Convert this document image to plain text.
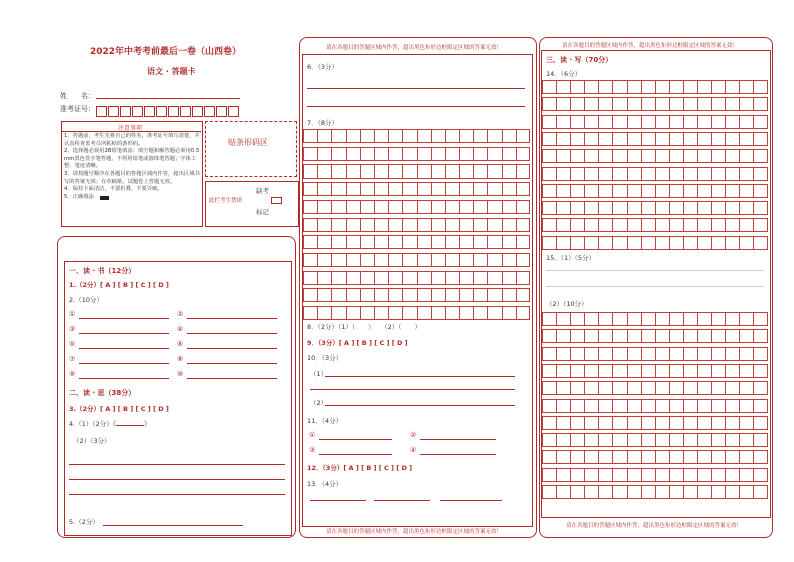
2022年中考考前最后一卷（山西卷）
语文 · 答题卡
姓　　名：
准考证号：
注意事项
1．答题前，考生先将自己的姓名，准考证号填写清楚，并认真检查监考员所粘贴的条形码。
2．选择题必须用2B铅笔填涂；填空题和解答题必须用0.5 mm黑色签字笔答题，不得用铅笔或圆珠笔答题；字体工整、笔迹清晰。
3．请按题号顺序在各题目的答题区域内作答，超出区域书写的答案无效；在草稿纸、试题卷上答题无效。
4．保持卡面清洁，不要折叠，不要弄破。
5．正确填涂
贴条形码区
缺考
此栏考生禁填
标记
一、读 · 书（12分）
1.（2分）[ A ] [ B ] [ C ] [ D ]
2.（10分）
①	②
③	④
⑤	⑥
⑦	⑧
⑨	⑩
二、读 · 思（38分）
3.（2分）[ A ] [ B ] [ C ] [ D ]
4.（1）（2分）《	》
（2）（3分）
5.（2分）
请在各题目的答题区域内作答，超出黑色矩形边框限定区域的答案无效！
请在各题目的答题区域内作答，超出黑色矩形边框限定区域的答案无效！
6．（3分）
7．（8分）
8．（2分）（1）（　　）　　（2）（　　）
9．（3分）[ A ] [ B ] [ C ] [ D ]
10．（3分）
（1）
（2）
11．（4分）
①	②
③	④
12．（3分）[ A ] [ B ] [ C ] [ D ]
13．（4分）
请在各题目的答题区域内作答，超出黑色矩形边框限定区域的答案无效！
请在各题目的答题区域内作答，超出黑色矩形边框限定区域的答案无效！
三、读 · 写（70分）
14．（6分）
15．（1）（5分）
（2）（10分）
